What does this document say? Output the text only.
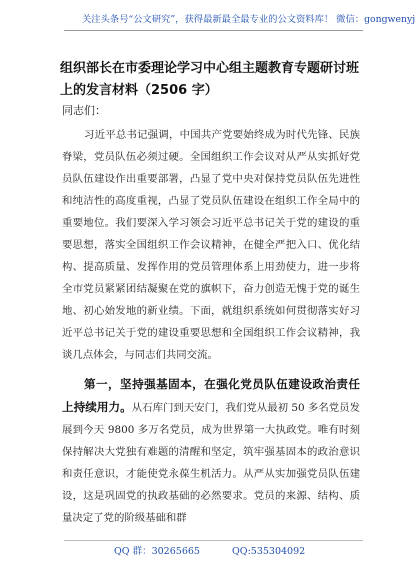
关注头条号“公文研究”，获得最新最全最专业的公文资料库！ 微信：gongwenyj
组织部长在市委理论学习中心组主题教育专题研讨班上的发言材料（2506 字）
同志们：
习近平总书记强调，中国共产党要始终成为时代先锋、民族脊梁，党员队伍必须过硬。全国组织工作会议对从严从实抓好党员队伍建设作出重要部署，凸显了党中央对保持党员队伍先进性和纯洁性的高度重视，凸显了党员队伍建设在组织工作全局中的重要地位。我们要深入学习领会习近平总书记关于党的建设的重要思想，落实全国组织工作会议精神，在健全严把入口、优化结构、提高质量、发挥作用的党员管理体系上用劲使力，进一步将全市党员紧紧团结凝聚在党的旗帜下，奋力创造无愧于党的诞生地、初心始发地的新业绩。下面，就组织系统如何贯彻落实好习近平总书记关于党的建设重要思想和全国组织工作会议精神，我谈几点体会，与同志们共同交流。
第一，坚持强基固本，在强化党员队伍建设政治责任上持续用力。从石库门到天安门，我们党从最初 50 多名党员发展到今天 9800 多万名党员，成为世界第一大执政党。唯有时刻保持解决大党独有难题的清醒和坚定，筑牢强基固本的政治意识和责任意识，才能使党永葆生机活力。从严从实加强党员队伍建设，这是巩固党的执政基础的必然要求。党员的来源、结构、质量决定了党的阶级基础和群
QQ 群：30265665	QQ:535304092
